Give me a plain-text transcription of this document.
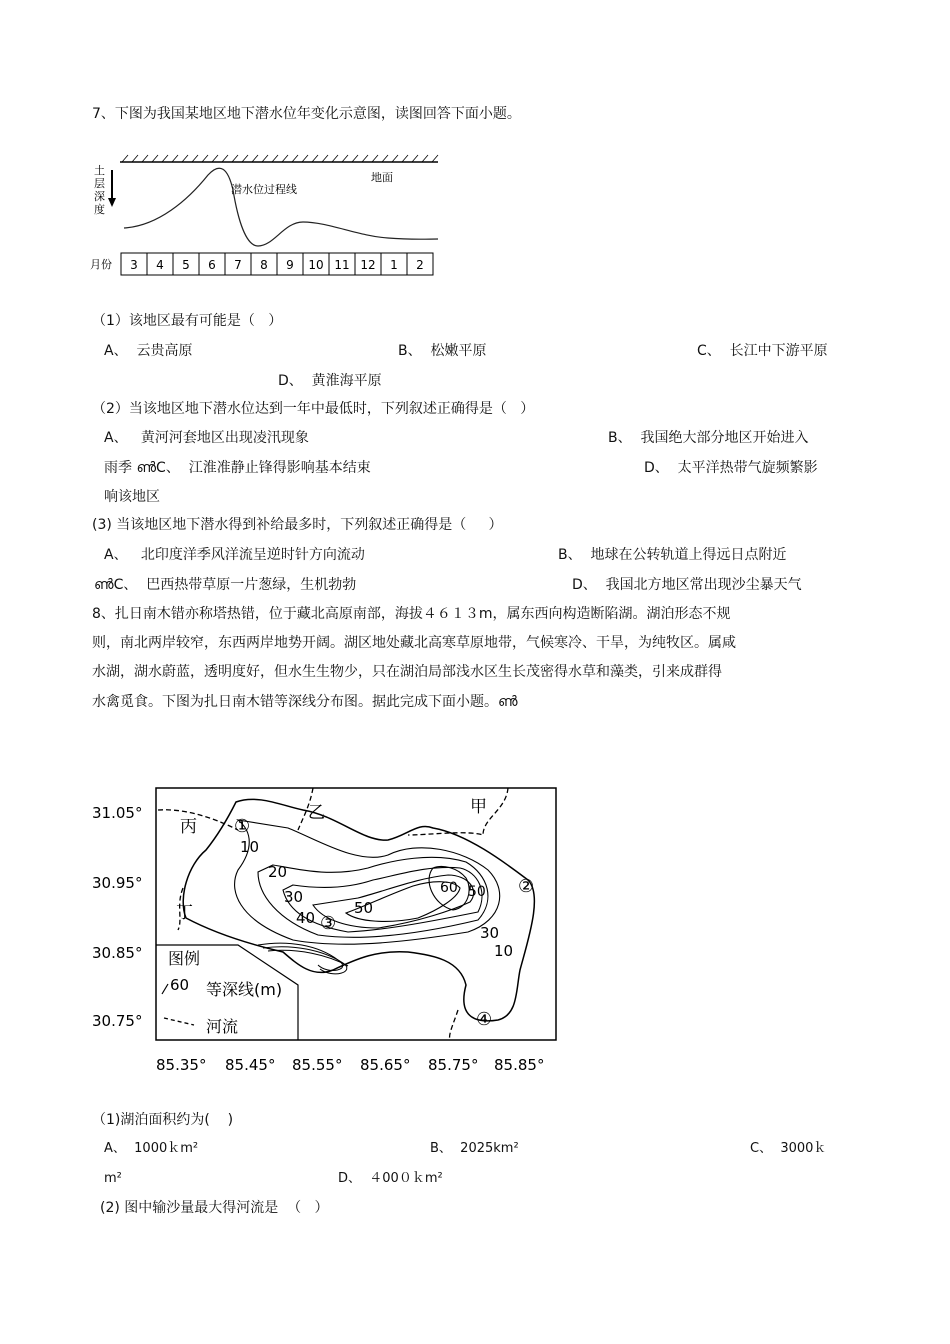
7、下图为我国某地区地下潜水位年变化示意图，读图回答下面小题。
土
层
深
度
地面
潜水位过程线
月份 3 4 5 6 7 8 9 10 11 12 1 2
（1）该地区最有可能是（   ）
A、  云贵高原	B、  松嫩平原	C、  长江中下游平原
D、  黄淮海平原
（2）当该地区地下潜水位达到一年中最低时，下列叙述正确得是（   ）
A、   黄河河套地区出现凌汛现象	B、  我国绝大部分地区开始进入
雨季 ൺC、  江淮准静止锋得影响基本结束	D、  太平洋热带气旋频繁影
响该地区
(3) 当该地区地下潜水得到补给最多时，下列叙述正确得是（     ）
A、   北印度洋季风洋流呈逆时针方向流动	B、  地球在公转轨道上得远日点附近
ൺC、  巴西热带草原一片葱绿，生机勃勃	D、  我国北方地区常出现沙尘暴天气
8、扎日南木错亦称塔热错，位于藏北高原南部，海拔４６１３m，属东西向构造断陷湖。湖泊形态不规
则，南北两岸较窄，东西两岸地势开阔。湖区地处藏北高寒草原地带，气候寒冷、干旱，为纯牧区。属咸
水湖，湖水蔚蓝，透明度好，但水生生物少，只在湖泊局部浅水区生长茂密得水草和藻类，引来成群得
水禽觅食。下图为扎日南木错等深线分布图。据此完成下面小题。ൺ
31.05°
30.95°
30.85°
30.75°
85.35° 85.45° 85.55° 85.65° 85.75° 85.85°
10
20
30
40
50
60 50
30
10
丙
乙	甲
丁
①
②
③
④
图例
60 等深线(m)
河流
（1)湖泊面积约为(    )
A、  1000ｋm²	B、  2025km²	C、  3000ｋ
m²	D、  ４00０ｋm²
(2) 图中输沙量最大得河流是  （   ）
